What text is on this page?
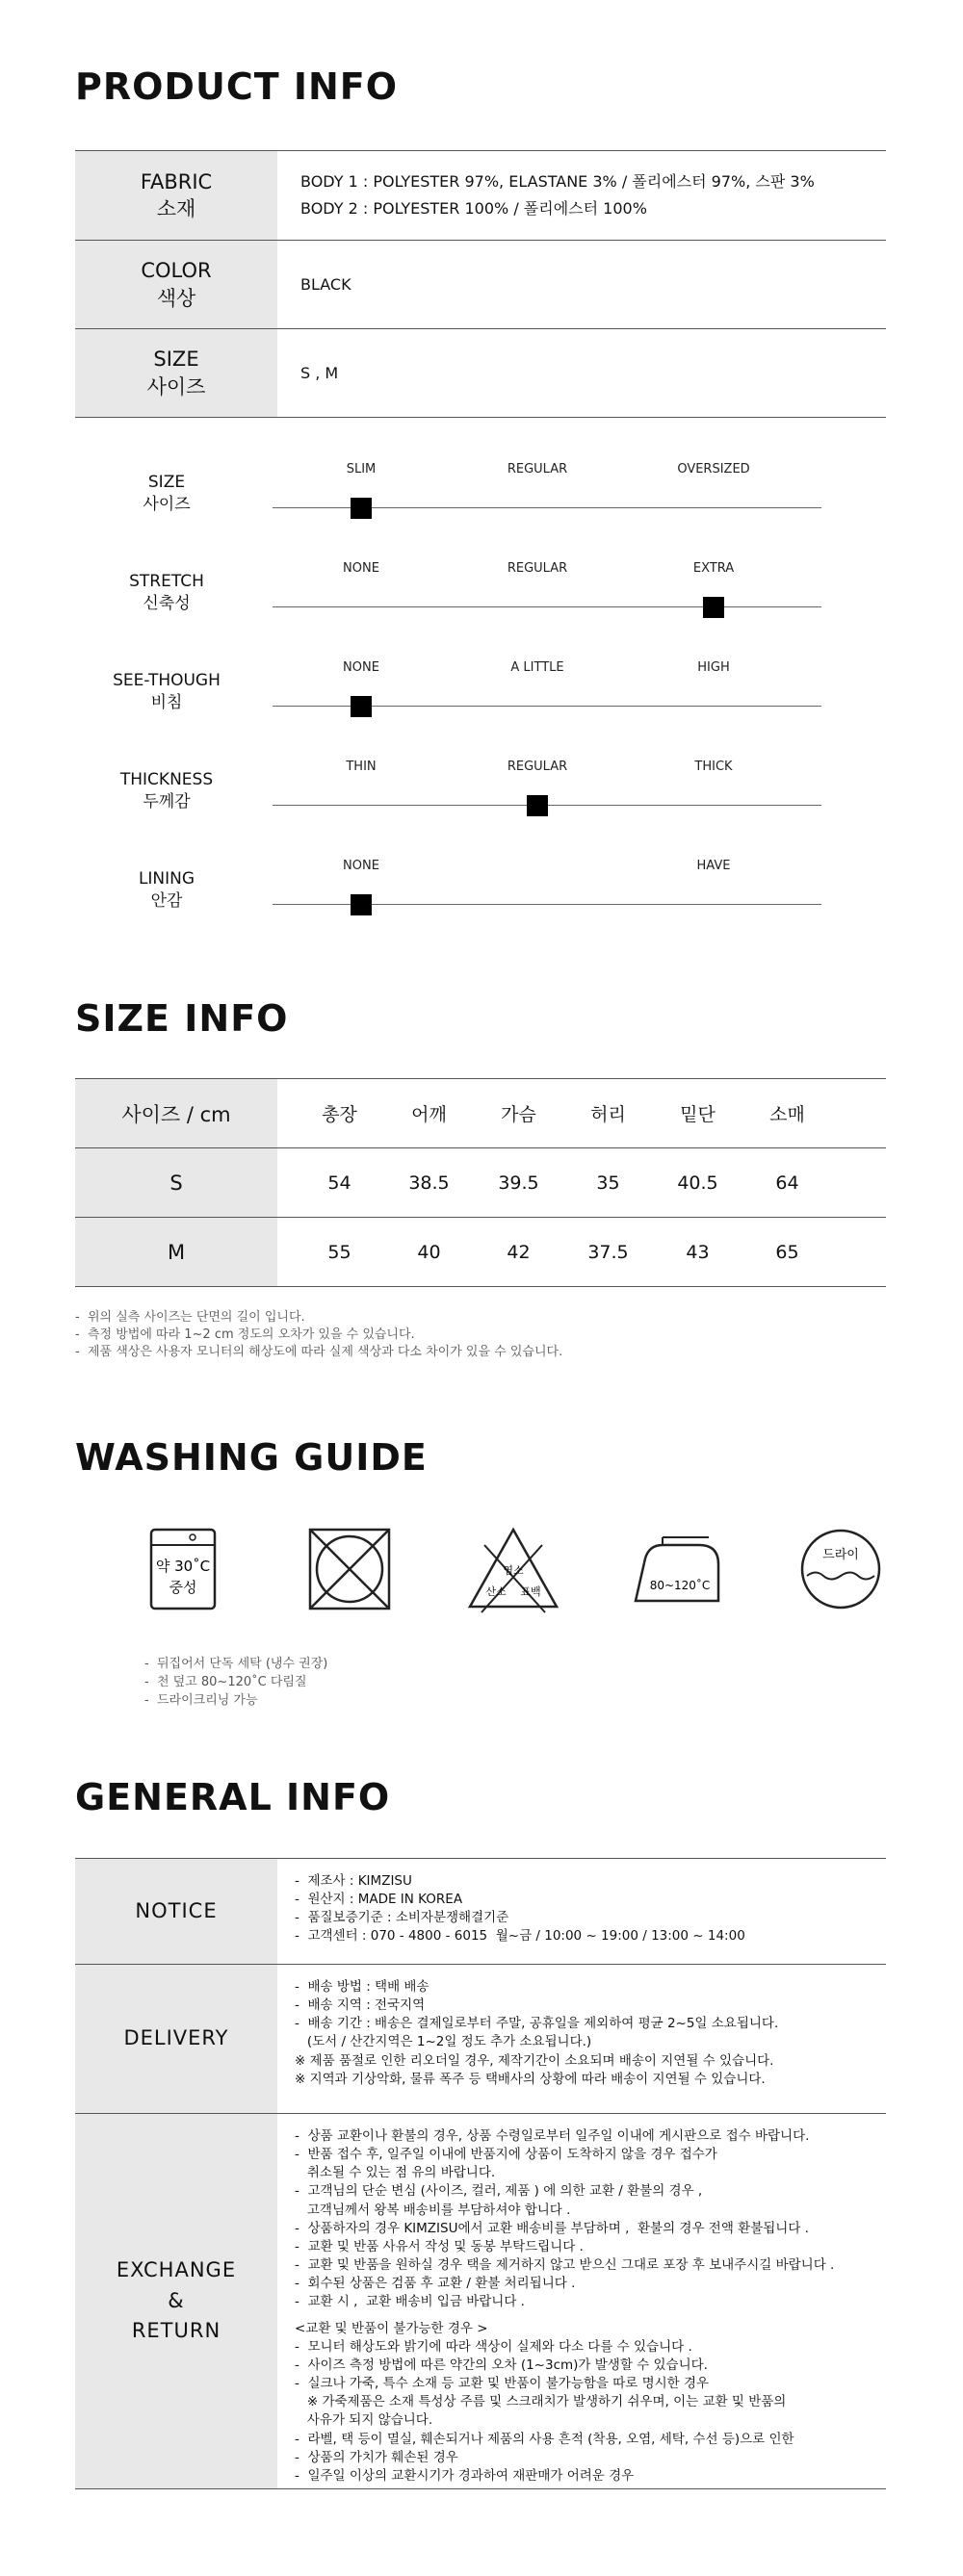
PRODUCT INFO
FABRIC
소재
BODY 1 : POLYESTER 97%, ELASTANE 3% / 폴리에스터 97%, 스판 3%
BODY 2 : POLYESTER 100% / 폴리에스터 100%
COLOR
색상
BLACK
SIZE
사이즈
S , M
SIZE
사이즈
SLIM	REGULAR	OVERSIZED
STRETCH
신축성
NONE	REGULAR	EXTRA
SEE-THOUGH
비침
NONE	A LITTLE	HIGH
THICKNESS
두께감
THIN	REGULAR	THICK
LINING
안감
NONE	HAVE
SIZE INFO
사이즈 / cm	총장	어깨	가슴	허리	밑단	소매
S	54	38.5	39.5	35	40.5	64
M	55	40	42	37.5	43	65
-  위의 실측 사이즈는 단면의 길이 입니다.
-  측정 방법에 따라 1~2 cm 정도의 오차가 있을 수 있습니다.
-  제품 색상은 사용자 모니터의 해상도에 따라 실제 색상과 다소 차이가 있을 수 있습니다.
WASHING GUIDE
약 30˚C
중성
염소
산소 표백	80~120˚C
드라이
-  뒤집어서 단독 세탁 (냉수 권장)
-  천 덮고 80~120˚C 다림질
-  드라이크리닝 가능
GENERAL INFO
NOTICE
-  제조사 : KIMZISU
-  원산지 : MADE IN KOREA
-  품질보증기준 : 소비자분쟁해결기준
-  고객센터 : 070 - 4800 - 6015  월~금 / 10:00 ~ 19:00 / 13:00 ~ 14:00
DELIVERY
-  배송 방법 : 택배 배송
-  배송 지역 : 전국지역
-  배송 기간 : 배송은 결제일로부터 주말, 공휴일을 제외하여 평균 2~5일 소요됩니다.
(도서 / 산간지역은 1~2일 정도 추가 소요됩니다.)
※ 제품 품절로 인한 리오더일 경우, 제작기간이 소요되며 배송이 지연될 수 있습니다.
※ 지역과 기상악화, 물류 폭주 등 택배사의 상황에 따라 배송이 지연될 수 있습니다.
EXCHANGE
&
RETURN
-  상품 교환이나 환불의 경우, 상품 수령일로부터 일주일 이내에 게시판으로 접수 바랍니다.
-  반품 접수 후, 일주일 이내에 반품지에 상품이 도착하지 않을 경우 접수가
취소될 수 있는 점 유의 바랍니다.
-  고객님의 단순 변심 (사이즈, 컬러, 제품 ) 에 의한 교환 / 환불의 경우 ,
고객님께서 왕복 배송비를 부담하셔야 합니다 .
-  상품하자의 경우 KIMZISU에서 교환 배송비를 부담하며 ,  환불의 경우 전액 환불됩니다 .
-  교환 및 반품 사유서 작성 및 동봉 부탁드립니다 .
-  교환 및 반품을 원하실 경우 택을 제거하지 않고 받으신 그대로 포장 후 보내주시길 바랍니다 .
-  회수된 상품은 검품 후 교환 / 환불 처리됩니다 .
-  교환 시 ,  교환 배송비 입금 바랍니다 .
<교환 및 반품이 불가능한 경우 >
-  모니터 해상도와 밝기에 따라 색상이 실제와 다소 다를 수 있습니다 .
-  사이즈 측정 방법에 따른 약간의 오차 (1~3cm)가 발생할 수 있습니다.
-  실크나 가죽, 특수 소재 등 교환 및 반품이 불가능함을 따로 명시한 경우
※ 가죽제품은 소재 특성상 주름 및 스크래치가 발생하기 쉬우며, 이는 교환 및 반품의
사유가 되지 않습니다.
-  라벨, 택 등이 멸실, 훼손되거나 제품의 사용 흔적 (착용, 오염, 세탁, 수선 등)으로 인한
-  상품의 가치가 훼손된 경우
-  일주일 이상의 교환시기가 경과하여 재판매가 어려운 경우
